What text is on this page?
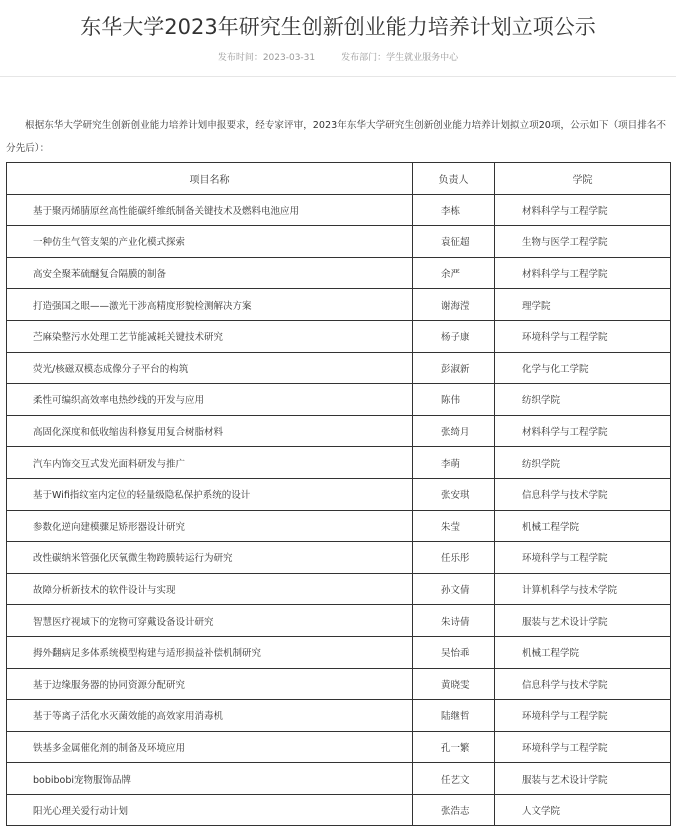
东华大学2023年研究生创新创业能力培养计划立项公示
发布时间：2023-03-31	发布部门：学生就业服务中心
根据东华大学研究生创新创业能力培养计划申报要求，经专家评审，2023年东华大学研究生创新创业能力培养计划拟立项20项，公示如下（项目排名不分先后）：
项目名称	负责人	学院
基于聚丙烯腈原丝高性能碳纤维纸制备关键技术及燃料电池应用	李栋	材料科学与工程学院
一种仿生气管支架的产业化模式探索	袁征超	生物与医学工程学院
高安全聚苯硫醚复合隔膜的制备	余严	材料科学与工程学院
打造强国之眼——激光干涉高精度形貌检测解决方案	谢海滢	理学院
苎麻染整污水处理工艺节能减耗关键技术研究	杨子康	环境科学与工程学院
荧光/核磁双模态成像分子平台的构筑	彭淑新	化学与化工学院
柔性可编织高效率电热纱线的开发与应用	陈伟	纺织学院
高固化深度和低收缩齿科修复用复合树脂材料	张绮月	材料科学与工程学院
汽车内饰交互式发光面料研发与推广	李萌	纺织学院
基于Wifi指纹室内定位的轻量级隐私保护系统的设计	张安琪	信息科学与技术学院
参数化逆向建模骤足矫形器设计研究	朱莹	机械工程学院
改性碳纳米管强化厌氧微生物跨膜转运行为研究	任乐彤	环境科学与工程学院
故障分析新技术的软件设计与实现	孙文倩	计算机科学与技术学院
智慧医疗视域下的宠物可穿戴设备设计研究	朱诗倩	服装与艺术设计学院
拇外翻病足多体系统模型构建与适形损益补偿机制研究	吴怡乖	机械工程学院
基于边缘服务器的协同资源分配研究	黄晓雯	信息科学与技术学院
基于等离子活化水灭菌效能的高效家用消毒机	陆继哲	环境科学与工程学院
铁基多金属催化剂的制备及环境应用	孔一繁	环境科学与工程学院
bobibobi宠物服饰品牌	任艺文	服装与艺术设计学院
阳光心理关爱行动计划	张浩志	人文学院
